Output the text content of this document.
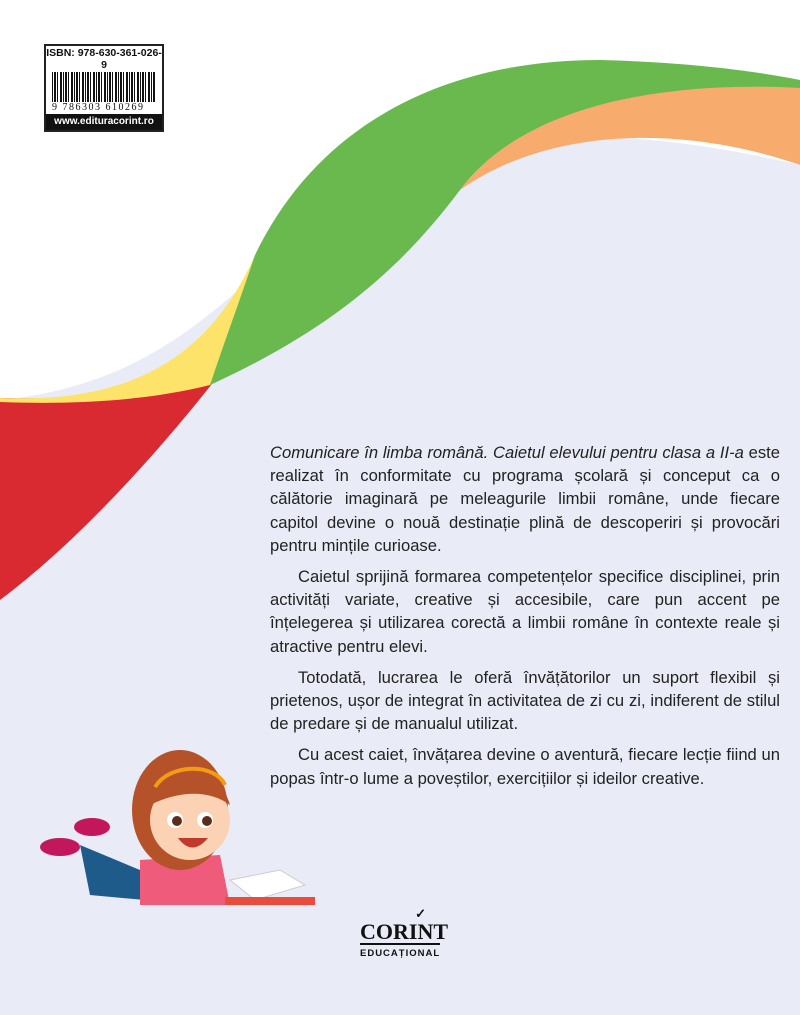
ISBN: 978-630-361-026-9
9 786303 610269
www.edituracorint.ro

Comunicare în limba română. Caietul elevului pentru clasa a II-a este realizat în conformitate cu programa școlară și conceput ca o călătorie imaginară pe meleagurile limbii române, unde fiecare capitol devine o nouă destinație plină de descoperiri și provocări pentru mințile curioase.

Caietul sprijină formarea competențelor specifice disciplinei, prin activități variate, creative și accesibile, care pun accent pe înțelegerea și utilizarea corectă a limbii române în contexte reale și atractive pentru elevi.

Totodată, lucrarea le oferă învățătorilor un suport flexibil și prietenos, ușor de integrat în activitatea de zi cu zi, indiferent de stilul de predare și de manualul utilizat.

Cu acest caiet, învățarea devine o aventură, fiecare lecție fiind un popas într-o lume a poveștilor, exercițiilor și ideilor creative.

✓
CORINT
EDUCAȚIONAL
